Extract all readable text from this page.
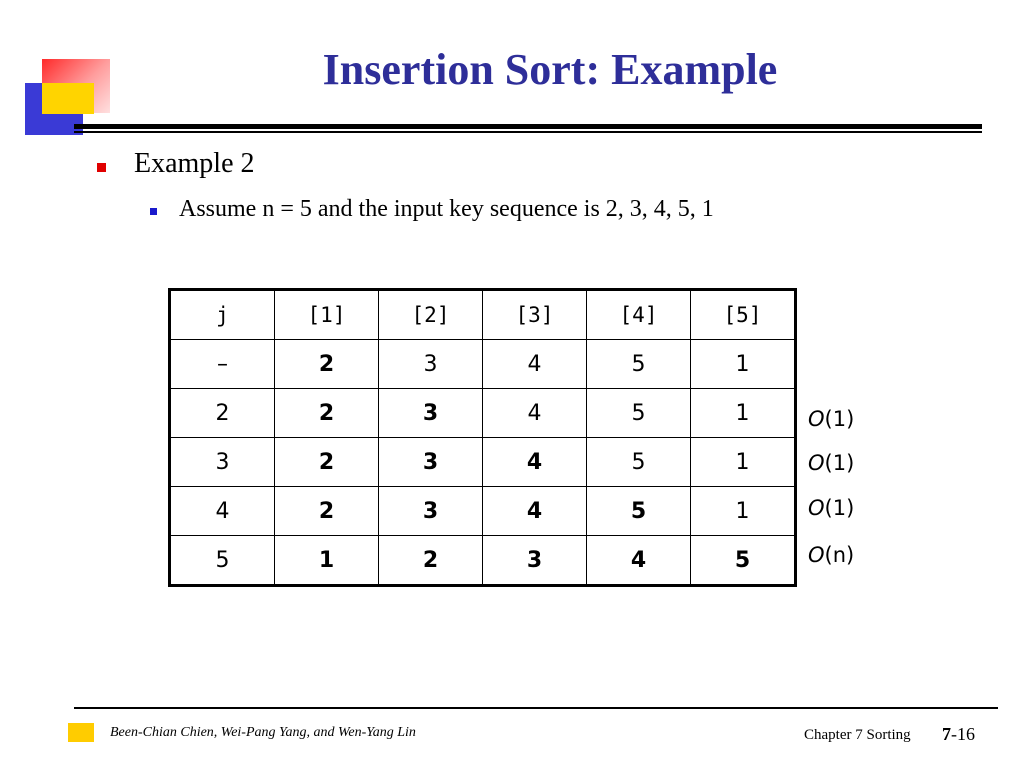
Insertion Sort: Example
Example 2
Assume n = 5 and the input key sequence is 2, 3, 4, 5, 1
j	[1]	[2]	[3]	[4]	[5]
–	2	3	4	5	1
2	2	3	4	5	1
3	2	3	4	5	1
4	2	3	4	5	1
5	1	2	3	4	5
O(1)
O(1)
O(1)
O(n)
Been-Chian Chien, Wei-Pang Yang, and Wen-Yang Lin	Chapter 7 Sorting 7-16
